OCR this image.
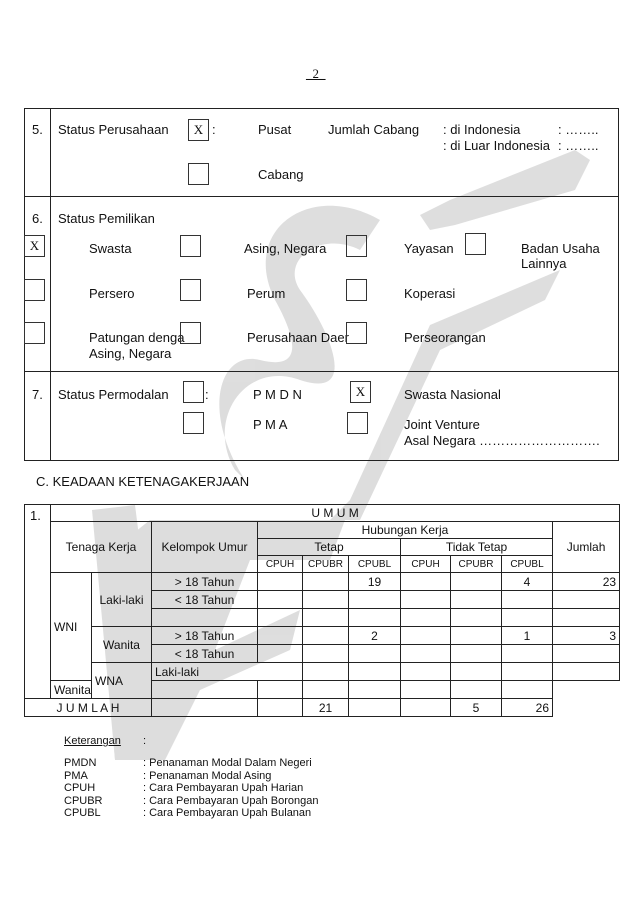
_2_
5. Status Perusahaan	X :	Pusat	Jumlah Cabang : di Indonesia	: ……..
: di Luar Indonesia : ……..
Cabang
6. Status Pemilikan
X	Swasta	Asing, Negara	Yayasan	Badan Usaha
Lainnya
Persero	Perum	Koperasi
Patungan denga
Asing, Negara
Perusahaan Daer	Perseorangan
7. Status Permodalan	:	P M D N	X	Swasta Nasional
P M A	Joint Venture
Asal Negara ……………………….
C. KEADAAN KETENAGAKERJAAN
1.
		U M U M										
	Tenaga Kerja		Kelompok Umur	Hubungan Kerja						Jumlah	
				Tetap			Tidak Tetap				
				CPUH	CPUBR	CPUBL	CPUH	CPUBR	CPUBL		
	WNI	Laki-laki	> 18 Tahun			19			4	23	
			< 18 Tahun								

		Wanita	> 18 Tahun			2			1	3	
			< 18 Tahun								
		WNA	Laki-laki								
	Wanita										
J U M L A H					21			5	26		
Keterangan :
PMDN	: Penanaman Modal Dalam Negeri
PMA	: Penanaman Modal Asing
CPUH	: Cara Pembayaran Upah Harian
CPUBR	: Cara Pembayaran Upah Borongan
CPUBL	: Cara Pembayaran Upah Bulanan
